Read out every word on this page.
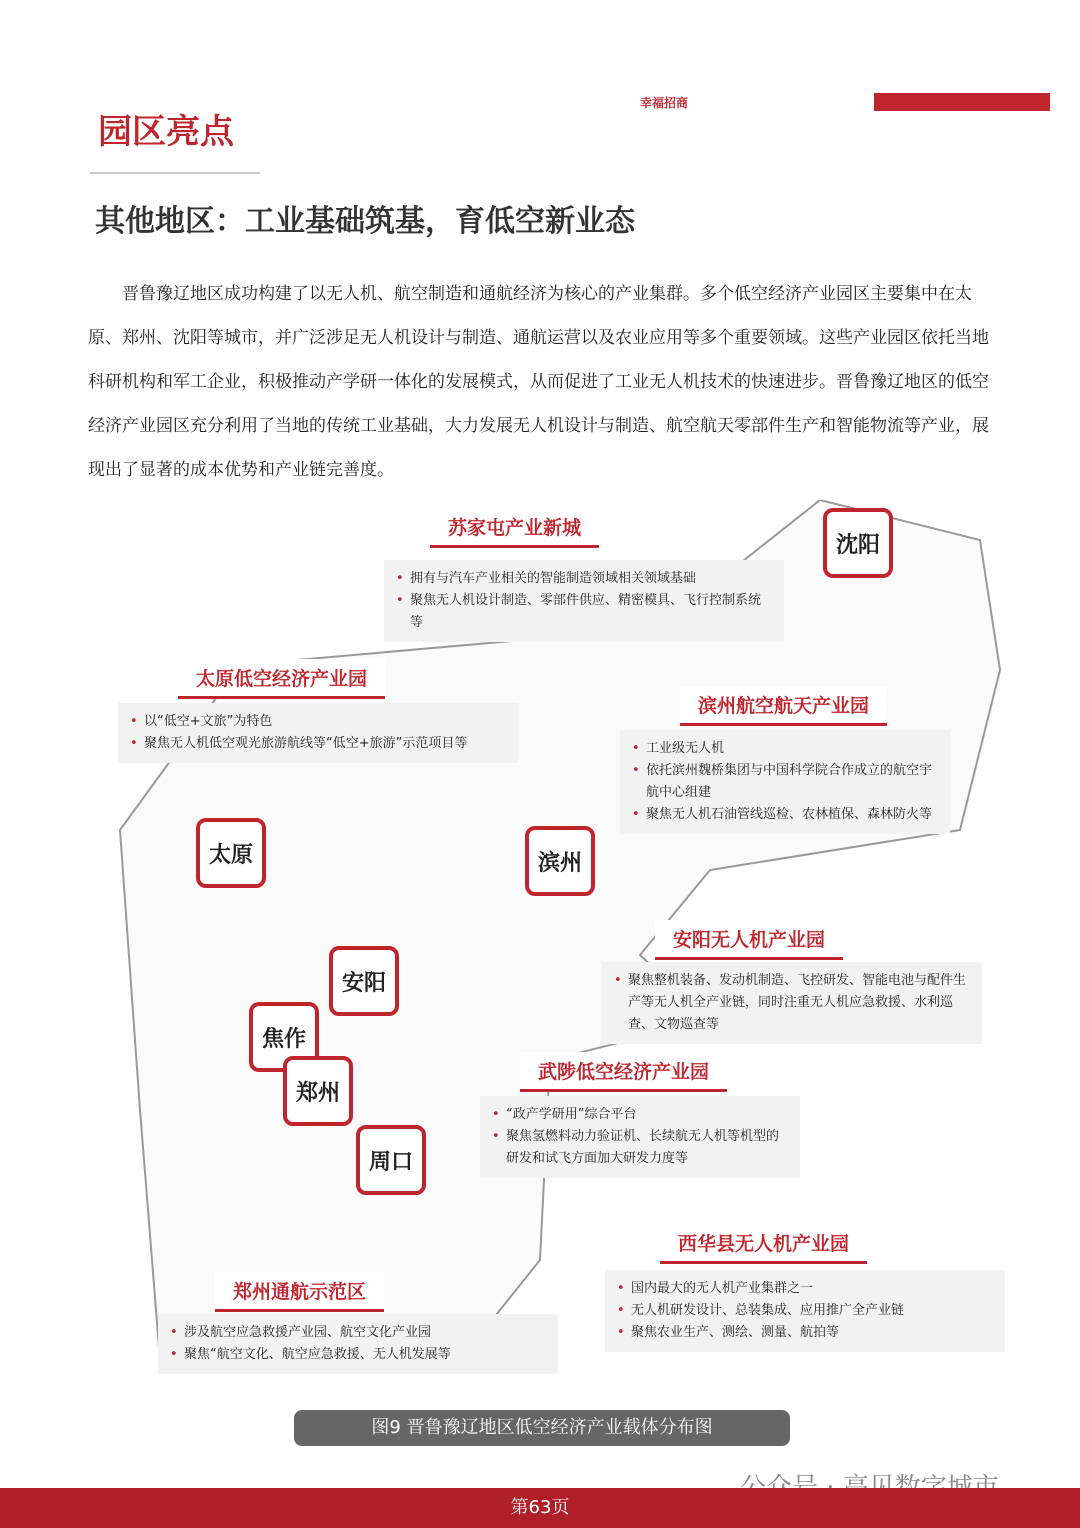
幸福招商
园区亮点
其他地区：工业基础筑基，育低空新业态

晋鲁豫辽地区成功构建了以无人机、航空制造和通航经济为核心的产业集群。多个低空经济产业园区主要集中在太原、郑州、沈阳等城市，并广泛涉足无人机设计与制造、通航运营以及农业应用等多个重要领域。这些产业园区依托当地科研机构和军工企业，积极推动产学研一体化的发展模式，从而促进了工业无人机技术的快速进步。晋鲁豫辽地区的低空经济产业园区充分利用了当地的传统工业基础，大力发展无人机设计与制造、航空航天零部件生产和智能物流等产业，展现出了显著的成本优势和产业链完善度。

沈阳
太原	滨州
安阳
焦作
郑州
周口
苏家屯产业新城
• 拥有与汽车产业相关的智能制造领域相关领域基础
• 聚焦无人机设计制造、零部件供应、精密模具、飞行控制系统等
太原低空经济产业园
• 以“低空+文旅”为特色
• 聚焦无人机低空观光旅游航线等“低空+旅游”示范项目等
滨州航空航天产业园
• 工业级无人机
• 依托滨州魏桥集团与中国科学院合作成立的航空宇航中心组建
• 聚焦无人机石油管线巡检、农林植保、森林防火等
安阳无人机产业园
• 聚焦整机装备、发动机制造、飞控研发、智能电池与配件生产等无人机全产业链，同时注重无人机应急救援、水利巡查、文物巡查等
武陟低空经济产业园
• “政产学研用”综合平台
• 聚焦氢燃料动力验证机、长续航无人机等机型的研发和试飞方面加大研发力度等
西华县无人机产业园
• 国内最大的无人机产业集群之一
• 无人机研发设计、总装集成、应用推广全产业链
• 聚焦农业生产、测绘、测量、航拍等
郑州通航示范区
• 涉及航空应急救援产业园、航空文化产业园
• 聚焦“航空文化、航空应急救援、无人机发展等
图9 晋鲁豫辽地区低空经济产业载体分布图
第63页
